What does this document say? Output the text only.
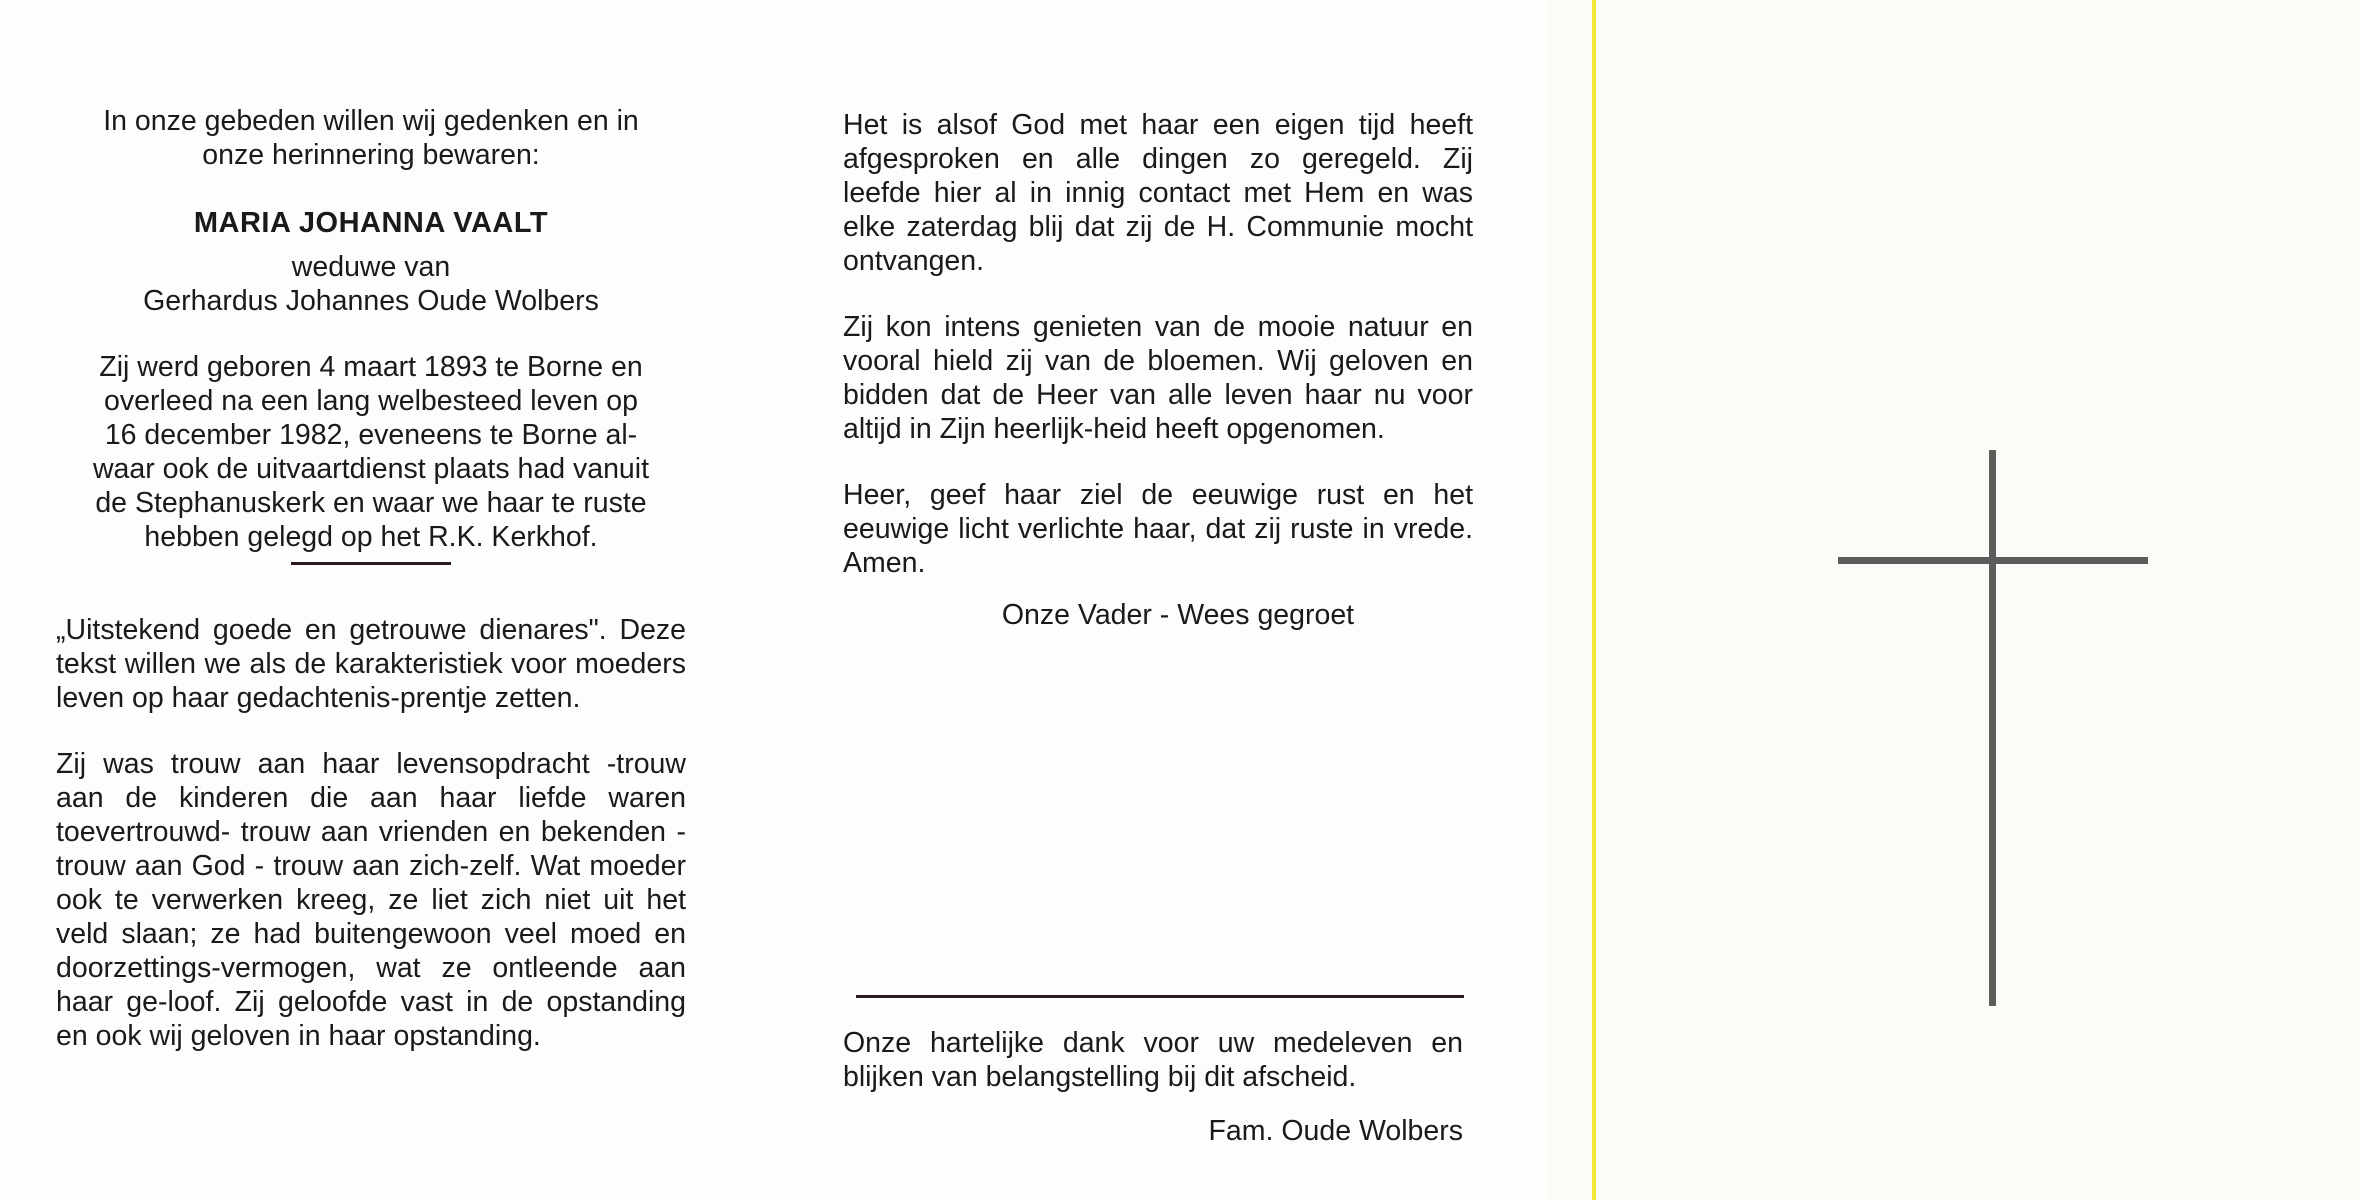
In onze gebeden willen wij gedenken en in
onze herinnering bewaren:
MARIA JOHANNA VAALT
weduwe van
Gerhardus Johannes Oude Wolbers
Zij werd geboren 4 maart 1893 te Borne en
overleed na een lang welbesteed leven op
16 december 1982, eveneens te Borne al-
waar ook de uitvaartdienst plaats had vanuit
de Stephanuskerk en waar we haar te ruste
hebben gelegd op het R.K. Kerkhof.
„Uitstekend goede en getrouwe dienares". Deze tekst willen we als de karakteristiek voor moeders leven op haar gedachtenis-prentje zetten.
Zij was trouw aan haar levensopdracht -trouw aan de kinderen die aan haar liefde waren toevertrouwd- trouw aan vrienden en bekenden - trouw aan God - trouw aan zich-zelf. Wat moeder ook te verwerken kreeg, ze liet zich niet uit het veld slaan; ze had buitengewoon veel moed en doorzettings-vermogen, wat ze ontleende aan haar ge-loof. Zij geloofde vast in de opstanding en ook wij geloven in haar opstanding.
Het is alsof God met haar een eigen tijd heeft afgesproken en alle dingen zo geregeld. Zij leefde hier al in innig contact met Hem en was elke zaterdag blij dat zij de H. Communie mocht ontvangen.
Zij kon intens genieten van de mooie natuur en vooral hield zij van de bloemen. Wij geloven en bidden dat de Heer van alle leven haar nu voor altijd in Zijn heerlijk-heid heeft opgenomen.
Heer, geef haar ziel de eeuwige rust en het eeuwige licht verlichte haar, dat zij ruste in vrede. Amen.
Onze Vader - Wees gegroet
Onze hartelijke dank voor uw medeleven en blijken van belangstelling bij dit afscheid.
Fam. Oude Wolbers
